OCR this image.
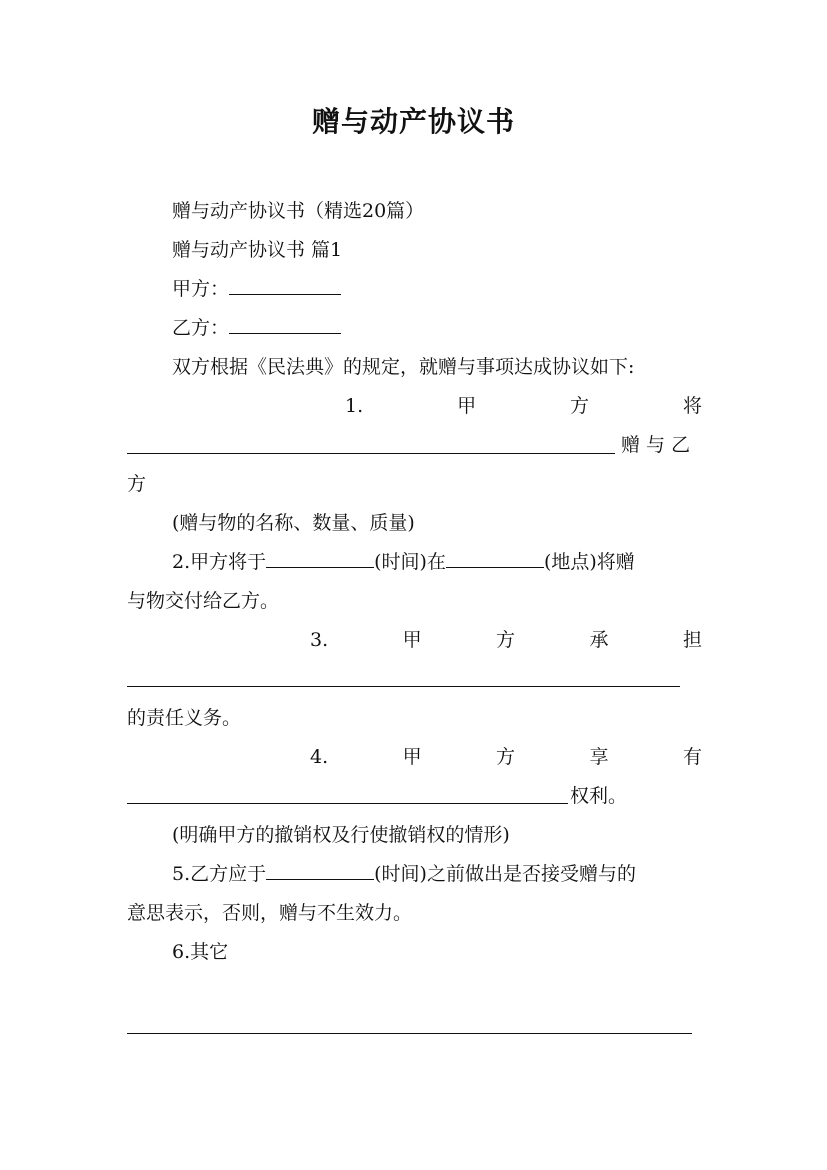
赠与动产协议书
赠与动产协议书（精选20篇）
赠与动产协议书 篇1
甲方：
乙方：
双方根据《民法典》的规定，就赠与事项达成协议如下:
1.	甲	方	将
赠 与 乙
方
(赠与物的名称、数量、质量)
2.甲方将于	(时间)在	(地点)将赠
与物交付给乙方。
3.	甲	方	承	担
的责任义务。
4.	甲	方	享	有
权利。
(明确甲方的撤销权及行使撤销权的情形)
5.乙方应于	(时间)之前做出是否接受赠与的
意思表示，否则，赠与不生效力。
6.其它
